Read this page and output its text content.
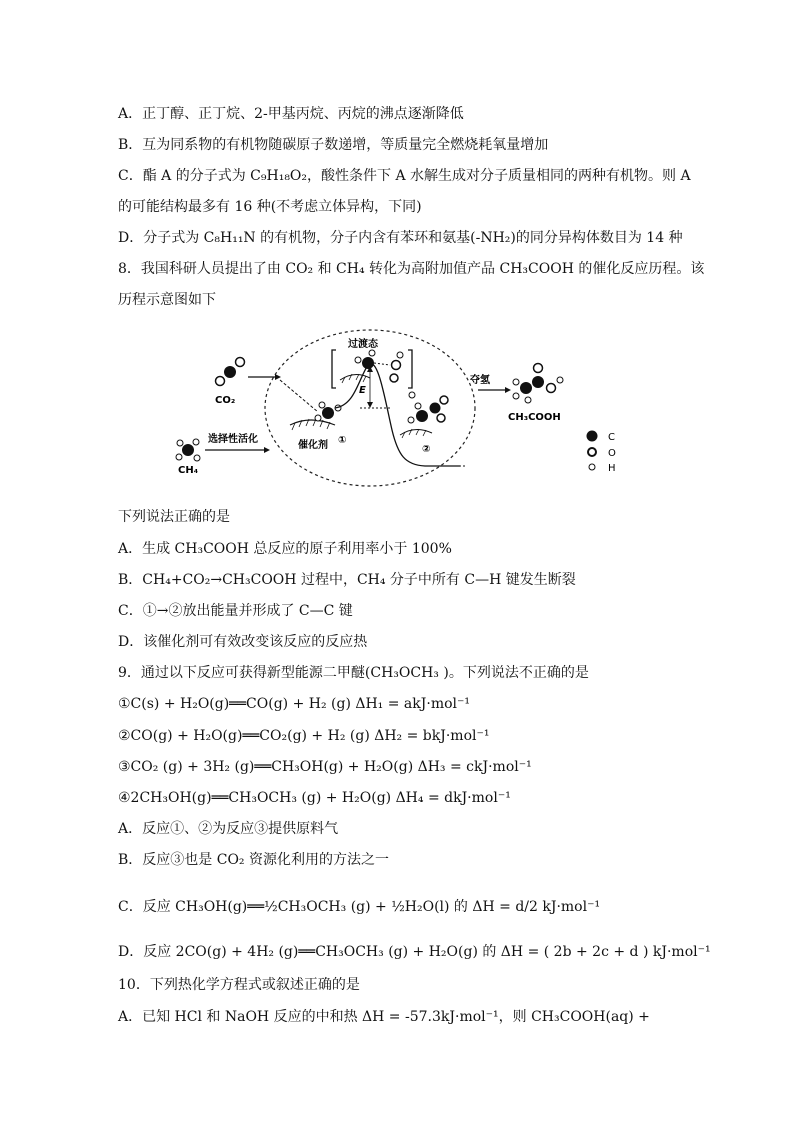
A．正丁醇、正丁烷、2-甲基丙烷、丙烷的沸点逐渐降低
B．互为同系物的有机物随碳原子数递增，等质量完全燃烧耗氧量增加
C．酯 A 的分子式为 C₉H₁₈O₂，酸性条件下 A 水解生成对分子质量相同的两种有机物。则 A
的可能结构最多有 16 种(不考虑立体异构，下同)
D．分子式为 C₈H₁₁N 的有机物，分子内含有苯环和氨基(-NH₂)的同分异构体数目为 14 种
8．我国科研人员提出了由 CO₂ 和 CH₄ 转化为高附加值产品 CH₃COOH 的催化反应历程。该
历程示意图如下
CO₂
CH₄
选择性活化
催化剂 ①
E
过渡态
②
夺氢
CH₃COOH
C
O
H
下列说法正确的是
A．生成 CH₃COOH 总反应的原子利用率小于 100%
B．CH₄+CO₂→CH₃COOH 过程中，CH₄ 分子中所有 C—H 键发生断裂
C．①→②放出能量并形成了 C—C 键
D．该催化剂可有效改变该反应的反应热
9．通过以下反应可获得新型能源二甲醚(CH₃OCH₃ )。下列说法不正确的是
①C(s) + H₂O(g)══CO(g) + H₂ (g) ΔH₁ = akJ·mol⁻¹
②CO(g) + H₂O(g)══CO₂(g) + H₂ (g) ΔH₂ = bkJ·mol⁻¹
③CO₂ (g) + 3H₂ (g)══CH₃OH(g) + H₂O(g) ΔH₃ = ckJ·mol⁻¹
④2CH₃OH(g)══CH₃OCH₃ (g) + H₂O(g) ΔH₄ = dkJ·mol⁻¹
A．反应①、②为反应③提供原料气
B．反应③也是 CO₂ 资源化利用的方法之一
C．反应 CH₃OH(g)══½CH₃OCH₃ (g) + ½H₂O(l) 的 ΔH = d/2 kJ·mol⁻¹
D．反应 2CO(g) + 4H₂ (g)══CH₃OCH₃ (g) + H₂O(g) 的 ΔH = ( 2b + 2c + d ) kJ·mol⁻¹
10．下列热化学方程式或叙述正确的是
A．已知 HCl 和 NaOH 反应的中和热 ΔH = -57.3kJ·mol⁻¹，则 CH₃COOH(aq) +
